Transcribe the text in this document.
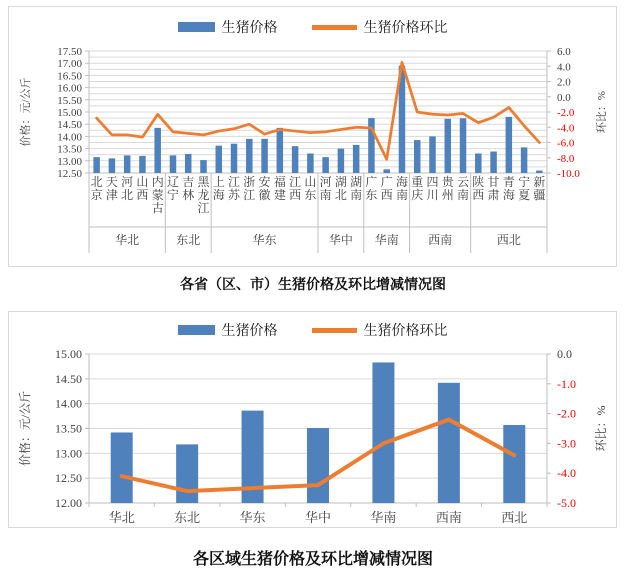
生猪价格	生猪价格环比
17.50
17.00
16.50
16.00
15.50
15.00
14.50
14.00
13.50
13.00
12.50
6.0
4.0
2.0
0.0
-2.0
-4.0
-6.0
-8.0
-10.0
价格：元/公斤	环比：%
华北
北京
天津
河北
山西
内蒙古
东北
辽宁
吉林
黑龙江
华东
上海
江苏
浙江
安徽
福建
江西
山东
华中
河南
湖北
湖南
华南
广东
广西
海南
西南
重庆
四川
贵州
云南
西北
陕西
甘肃
青海
宁夏
新疆
各省（区、市）生猪价格及环比增减情况图
生猪价格	生猪价格环比
15.00
14.50
14.00
13.50
13.00
12.50
12.00
0.0
-1.0
-2.0
-3.0
-4.0
-5.0
价格：元/公斤	环比：%
华北	东北	华东	华中	华南	西南	西北
各区域生猪价格及环比增减情况图
